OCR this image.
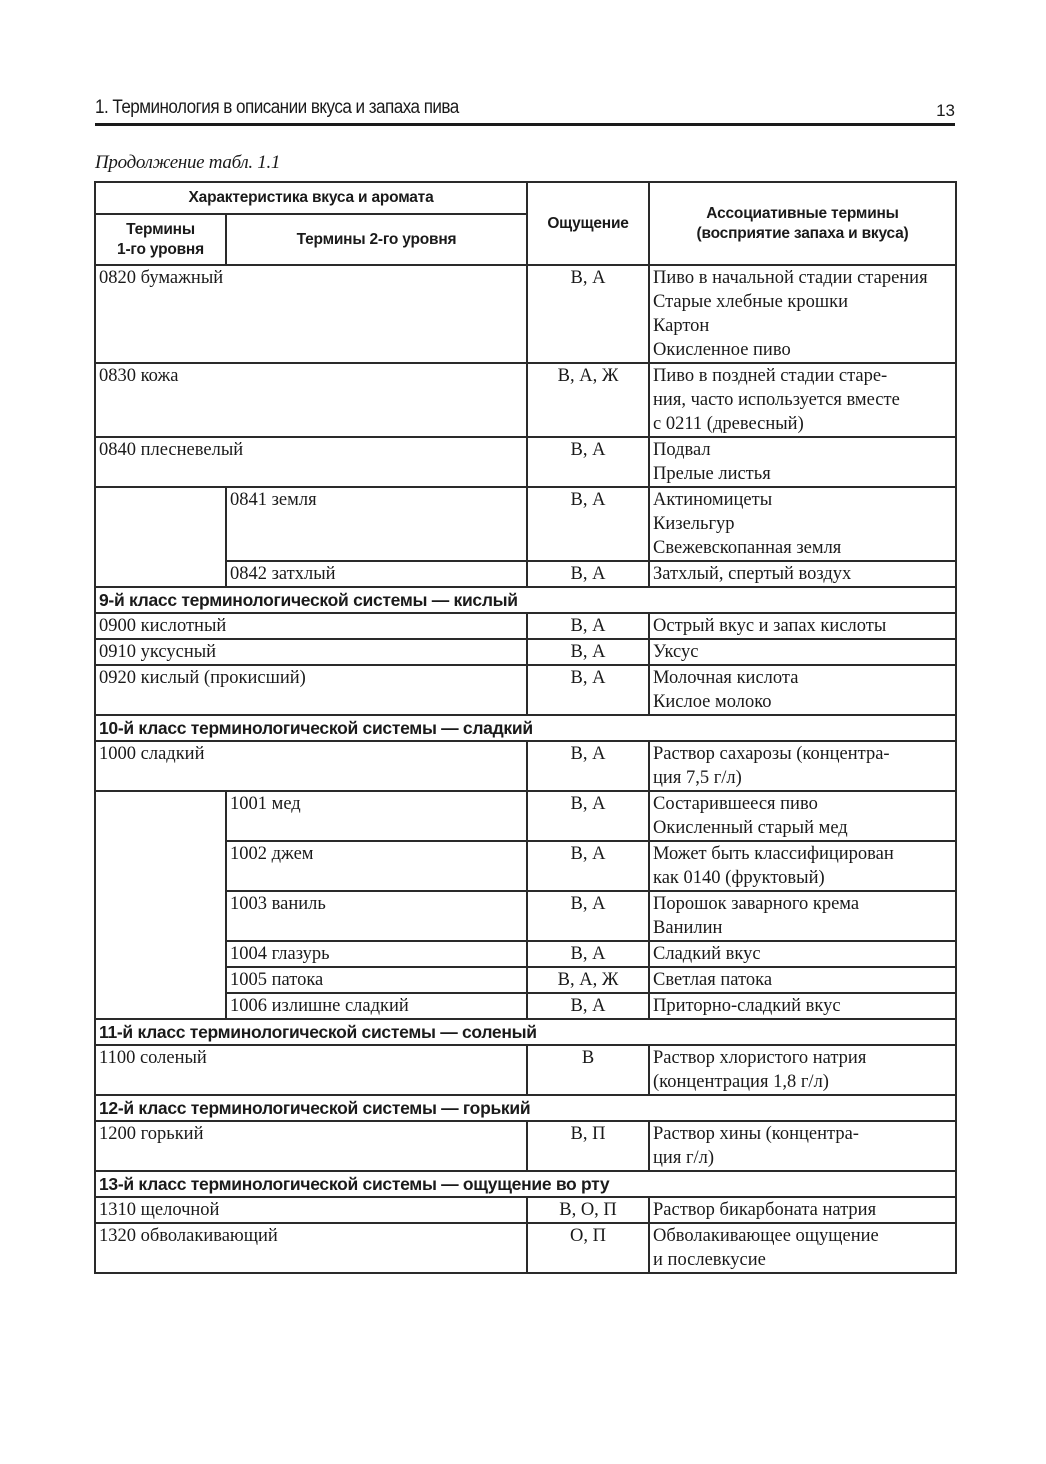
1. Терминология в описании вкуса и запаха пива	13
Продолжение табл. 1.1
Характеристика вкуса и аромата		Ощущение	Ассоциативные термины
(восприятие запаха и вкуса)

Термины
1-го уровня	Термины 2-го уровня		
0820 бумажный		В, А	Пиво в начальной стадии старения
Старые хлебные крошки
Картон
Окисленное пиво

0830 кожа		В, А, Ж	Пиво в поздней стадии старе-
ния, часто используется вместе
с 0211 (древесный)

0840 плесневелый		В, А	Подвал
Прелые листья

	0841 земля	В, А	Актиномицеты
Кизельгур
Свежевскопанная земля

	0842 затхлый	В, А	Затхлый, спертый воздух

9-й класс терминологической системы — кислый			
0900 кислотный		В, А	Острый вкус и запах кислоты

0910 уксусный		В, А	Уксус

0920 кислый (прокисший)		В, А	Молочная кислота
Кислое молоко

10-й класс терминологической системы — сладкий			
1000 сладкий		В, А	Раствор сахарозы (концентра-
ция 7,5 г/л)

	1001 мед	В, А	Состарившееся пиво
Окисленный старый мед

	1002 джем	В, А	Может быть классифицирован
как 0140 (фруктовый)

	1003 ваниль	В, А	Порошок заварного крема
Ванилин

	1004 глазурь	В, А	Сладкий вкус

	1005 патока	В, А, Ж	Светлая патока

	1006 излишне сладкий	В, А	Приторно-сладкий вкус

11-й класс терминологической системы — соленый			
1100 соленый		В	Раствор хлористого натрия
(концентрация 1,8 г/л)

12-й класс терминологической системы — горький			
1200 горький		В, П	Раствор хины (концентра-
ция г/л)

13-й класс терминологической системы — ощущение во рту			
1310 щелочной		В, О, П	Раствор бикарбоната натрия

1320 обволакивающий		О, П	Обволакивающее ощущение
и послевкусие
